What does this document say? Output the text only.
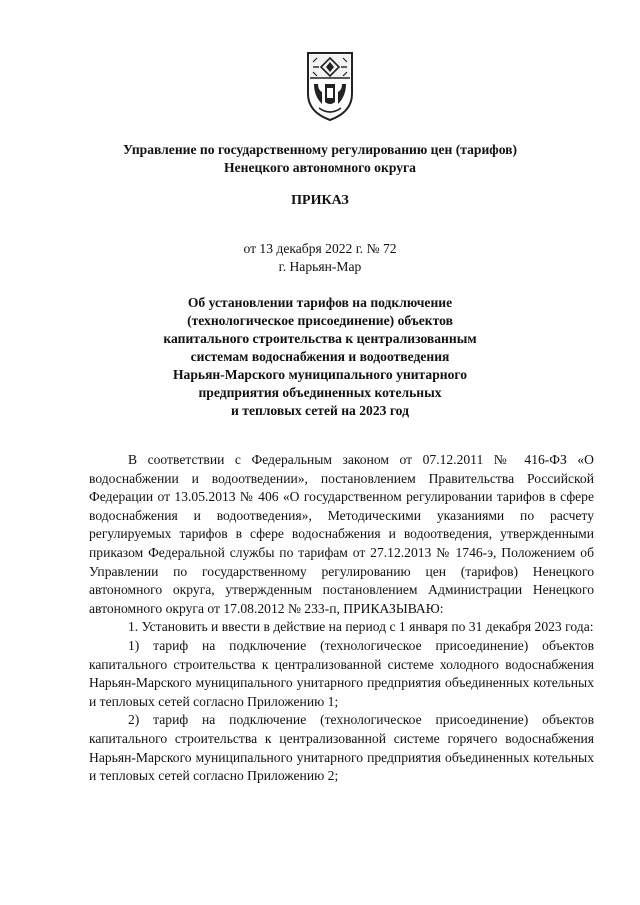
Управление по государственному регулированию цен (тарифов)
Ненецкого автономного округа
ПРИКАЗ
от 13 декабря 2022 г. № 72
г. Нарьян-Мар
Об установлении тарифов на подключение
(технологическое присоединение) объектов
капитального строительства к централизованным
системам водоснабжения и водоотведения
Нарьян-Марского муниципального унитарного
предприятия объединенных котельных
и тепловых сетей на 2023 год

В соответствии с Федеральным законом от 07.12.2011 № 416-ФЗ «О водоснабжении и водоотведении», постановлением Правительства Российской Федерации от 13.05.2013 № 406 «О государственном регулировании тарифов в сфере водоснабжения и водоотведения», Методическими указаниями по расчету регулируемых тарифов в сфере водоснабжения и водоотведения, утвержденными приказом Федеральной службы по тарифам от 27.12.2013 № 1746-э, Положением об Управлении по государственному регулированию цен (тарифов) Ненецкого автономного округа, утвержденным постановлением Администрации Ненецкого автономного округа от 17.08.2012 № 233-п, ПРИКАЗЫВАЮ:

1. Установить и ввести в действие на период с 1 января по 31 декабря 2023 года:

1) тариф на подключение (технологическое присоединение) объектов капитального строительства к централизованной системе холодного водоснабжения Нарьян-Марского муниципального унитарного предприятия объединенных котельных и тепловых сетей согласно Приложению 1;

2) тариф на подключение (технологическое присоединение) объектов капитального строительства к централизованной системе горячего водоснабжения Нарьян-Марского муниципального унитарного предприятия объединенных котельных и тепловых сетей согласно Приложению 2;
